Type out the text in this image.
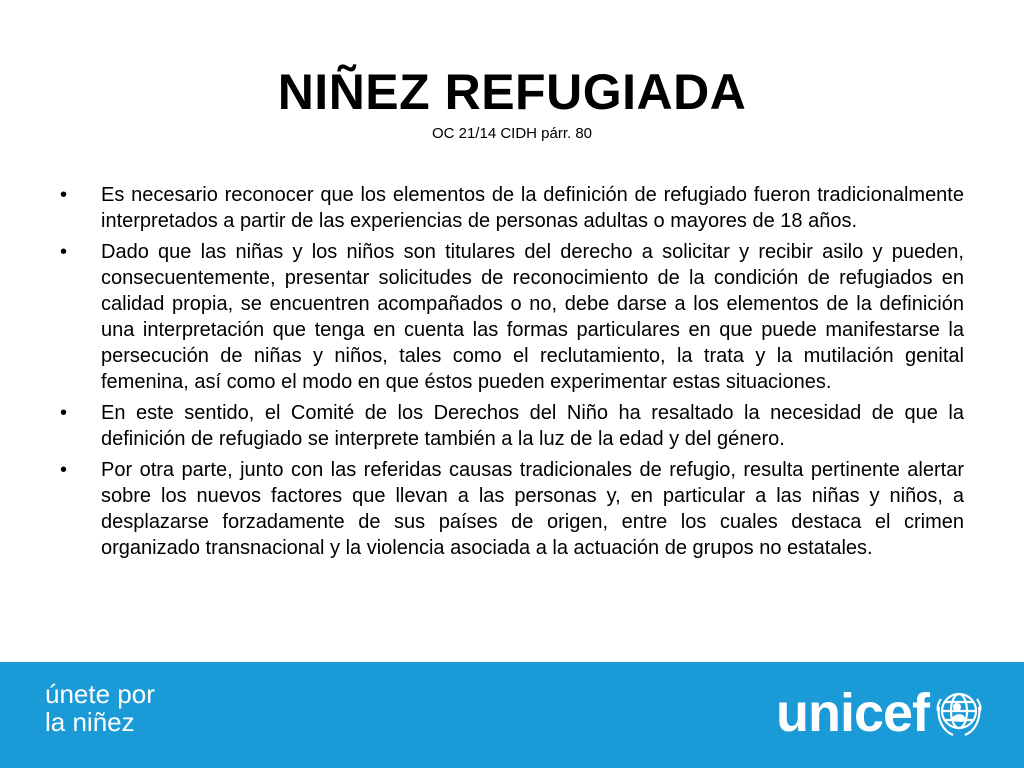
NIÑEZ REFUGIADA
OC 21/14 CIDH párr. 80
•	Es necesario reconocer que los elementos de la definición de refugiado fueron tradicionalmente interpretados a partir de las experiencias de personas adultas o mayores de 18 años.
•	Dado que las niñas y los niños son titulares del derecho a solicitar y recibir asilo y pueden, consecuentemente, presentar solicitudes de reconocimiento de la condición de refugiados en calidad propia, se encuentren acompañados o no, debe darse a los elementos de la definición una interpretación que tenga en cuenta las formas particulares en que puede manifestarse la persecución de niñas y niños, tales como el reclutamiento, la trata y la mutilación genital femenina, así como el modo en que éstos pueden experimentar estas situaciones.
•	En este sentido, el Comité de los Derechos del Niño ha resaltado la necesidad de que la definición de refugiado se interprete también a la luz de la edad y del género.
•	Por otra parte, junto con las referidas causas tradicionales de refugio, resulta pertinente alertar sobre los nuevos factores que llevan a las personas y, en particular a las niñas y niños, a desplazarse forzadamente de sus países de origen, entre los cuales destaca el crimen organizado transnacional y la violencia asociada a la actuación de grupos no estatales.
únete por
la niñez	unicef
